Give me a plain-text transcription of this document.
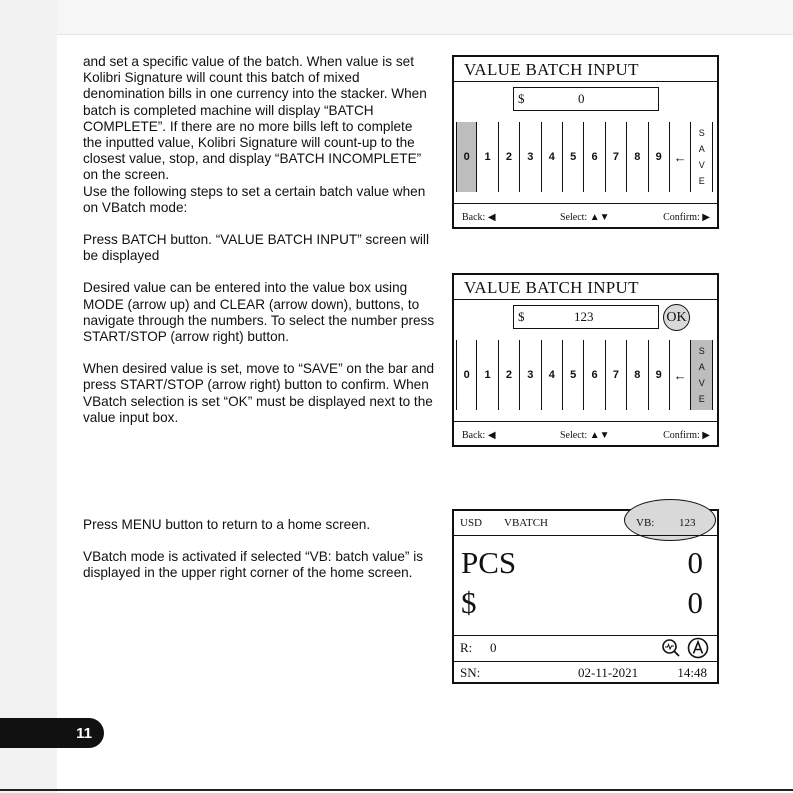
11

and set a specific value of the batch. When value is set Kolibri Signature will count this batch of mixed denomination bills in one currency into the stacker. When batch is completed machine will display “BATCH COMPLETE”. If there are no more bills left to complete the inputted value, Kolibri Signature will count-up to the closest value, stop, and display “BATCH INCOMPLETE” on the screen.
Use the following steps to set a certain batch value when on VBatch mode:

Press BATCH button. “VALUE BATCH INPUT” screen will be displayed

Desired value can be entered into the value box using MODE (arrow up) and CLEAR (arrow down), buttons, to navigate through the numbers. To select the number press START/STOP (arrow right) button.

When desired value is set, move to “SAVE” on the bar and press START/STOP (arrow right) button to confirm. When VBatch selection is set “OK” must be displayed next to the value input box.

Press MENU button to return to a home screen.

VBatch mode is activated if selected “VB: batch value” is displayed in the upper right corner of the home screen.

VALUE BATCH INPUT
$	0
0	1	2	3	4	5	6	7	8	9 ←
S
A
V
E
Back: ◀	Select: ▲▼	Confirm: ▶
VALUE BATCH INPUT
$	123	OK
0	1	2	3	4	5	6	7	8	9 ←
S
A
V
E
Back: ◀	Select: ▲▼	Confirm: ▶
USD VBATCH	VB: 123
PCS	0
$	0
R: 0
SN:	02-11-2021	14:48
